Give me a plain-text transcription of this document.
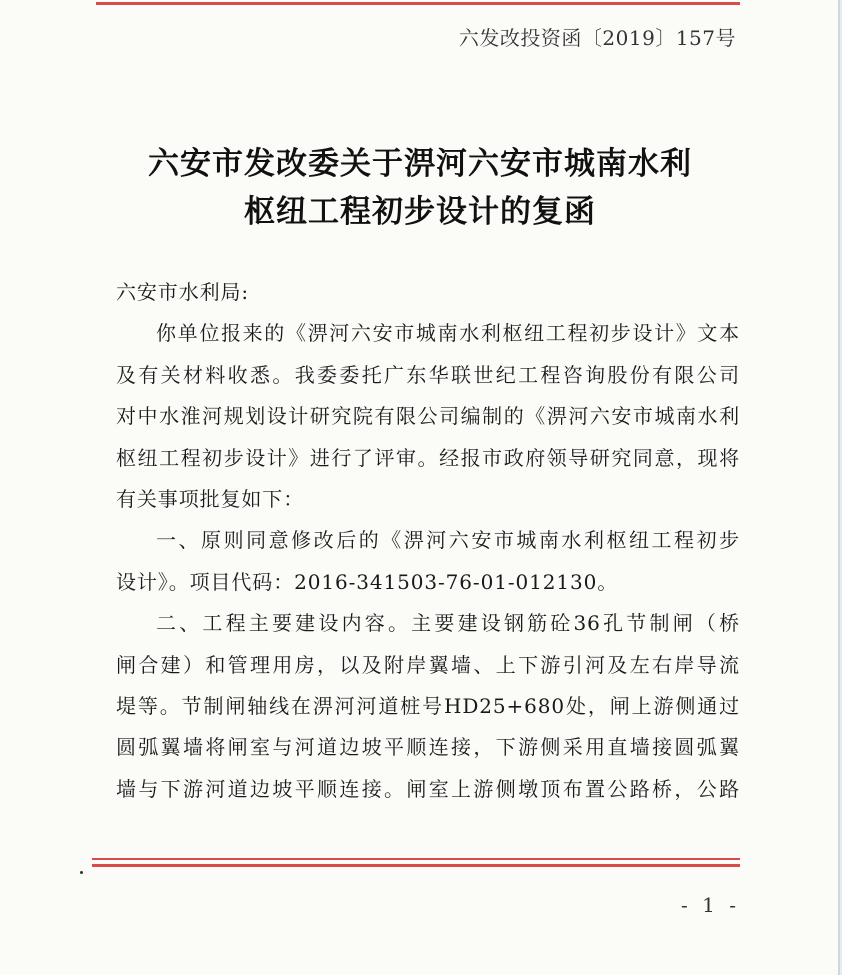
六发改投资函〔2019〕157号
六安市发改委关于淠河六安市城南水利
枢纽工程初步设计的复函
六安市水利局:
你单位报来的《淠河六安市城南水利枢纽工程初步设计》文本
及有关材料收悉。我委委托广东华联世纪工程咨询股份有限公司
对中水淮河规划设计研究院有限公司编制的《淠河六安市城南水利
枢纽工程初步设计》进行了评审。经报市政府领导研究同意，现将
有关事项批复如下：
一、原则同意修改后的《淠河六安市城南水利枢纽工程初步
设计》。项目代码：2016-341503-76-01-012130。
二、工程主要建设内容。主要建设钢筋砼36孔节制闸（桥
闸合建）和管理用房，以及附岸翼墙、上下游引河及左右岸导流
堤等。节制闸轴线在淠河河道桩号HD25+680处，闸上游侧通过
圆弧翼墙将闸室与河道边坡平顺连接，下游侧采用直墙接圆弧翼
墙与下游河道边坡平顺连接。闸室上游侧墩顶布置公路桥，公路
- 1 -
